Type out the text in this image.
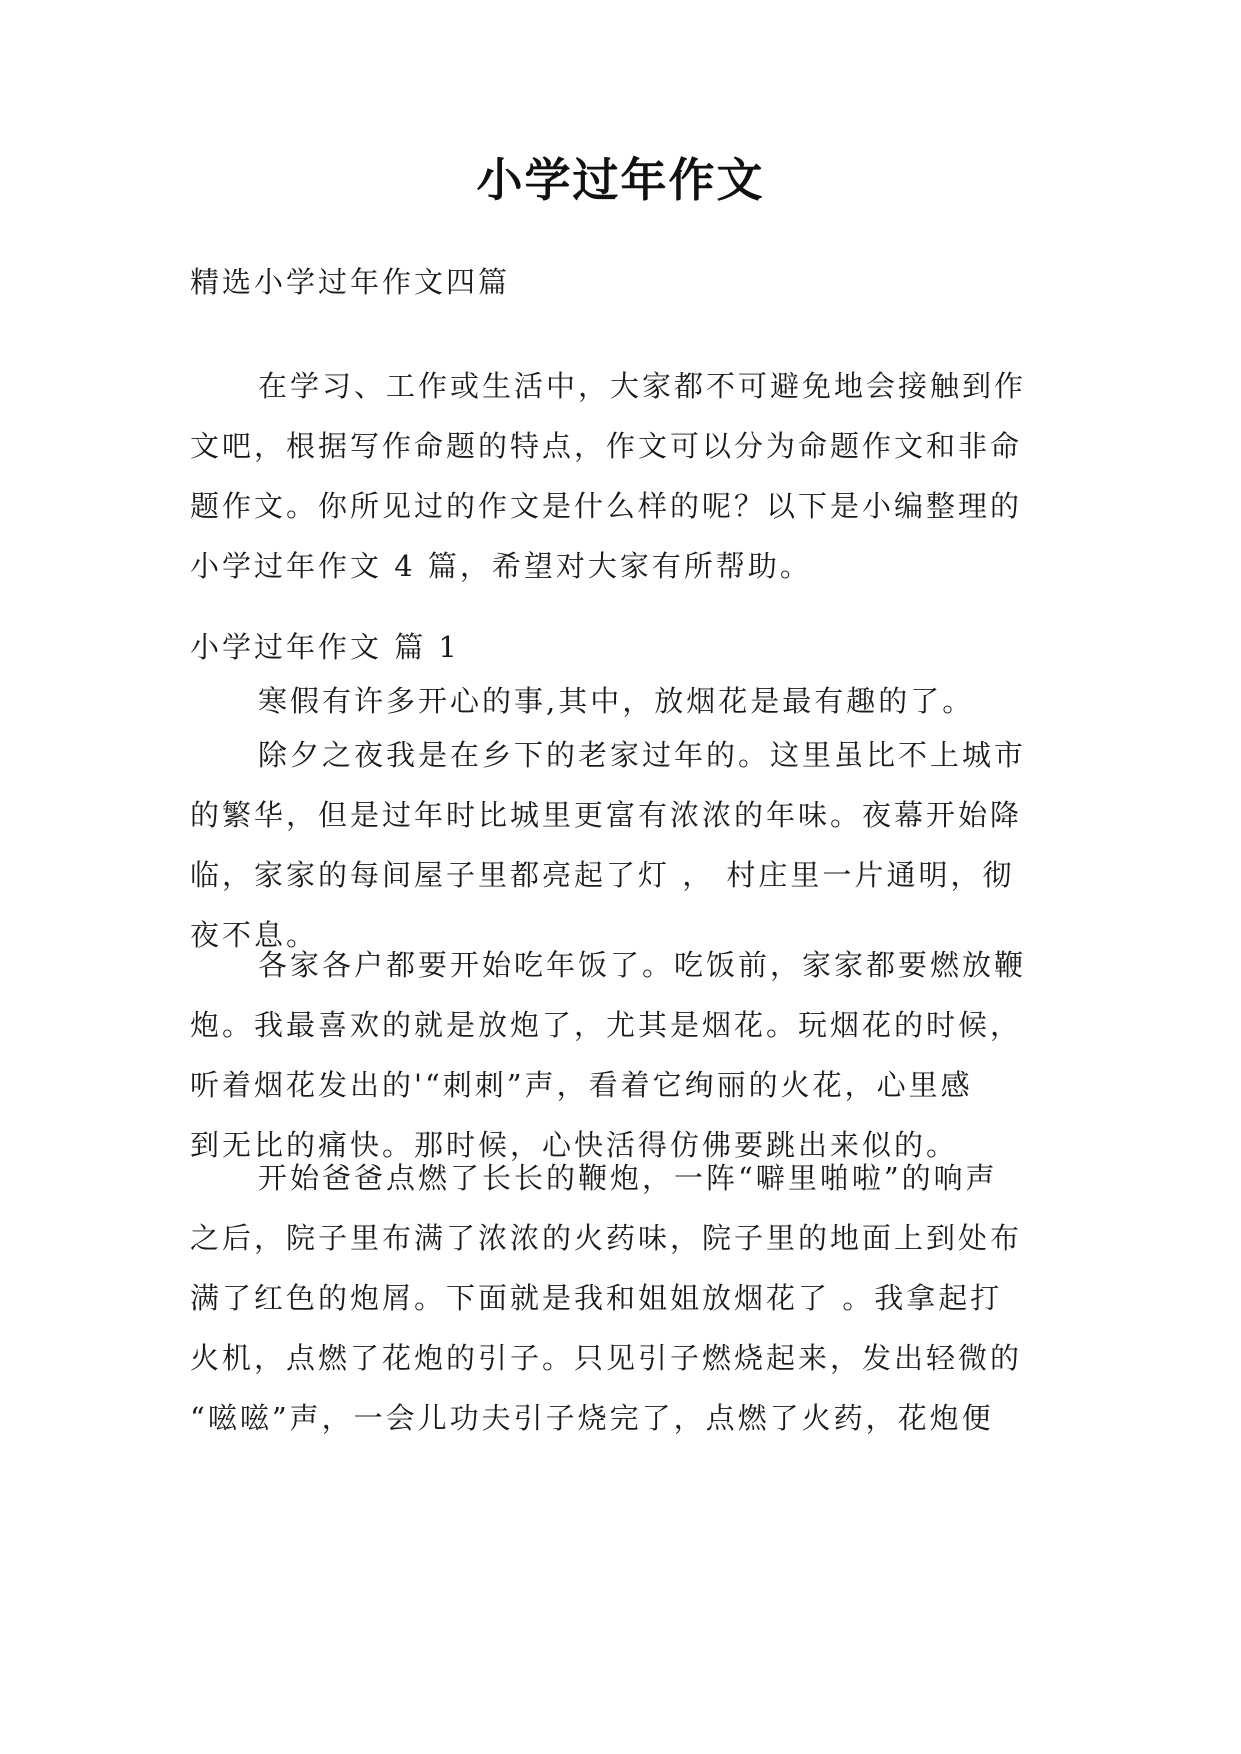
小学过年作文
精选小学过年作文四篇
在学习、工作或生活中，大家都不可避免地会接触到作
文吧，根据写作命题的特点，作文可以分为命题作文和非命
题作文。你所见过的作文是什么样的呢？以下是小编整理的
小学过年作文 4 篇，希望对大家有所帮助。
小学过年作文 篇 1
寒假有许多开心的事,其中，放烟花是最有趣的了。
除夕之夜我是在乡下的老家过年的。这里虽比不上城市
的繁华，但是过年时比城里更富有浓浓的年味。夜幕开始降
临，家家的每间屋子里都亮起了灯 ， 村庄里一片通明，彻
夜不息。
各家各户都要开始吃年饭了。吃饭前，家家都要燃放鞭
炮。我最喜欢的就是放炮了，尤其是烟花。玩烟花的时候，
听着烟花发出的'“刺刺”声，看着它绚丽的火花，心里感
到无比的痛快。那时候，心快活得仿佛要跳出来似的。
开始爸爸点燃了长长的鞭炮，一阵“噼里啪啦”的响声
之后，院子里布满了浓浓的火药味，院子里的地面上到处布
满了红色的炮屑。下面就是我和姐姐放烟花了 。我拿起打
火机，点燃了花炮的引子。只见引子燃烧起来，发出轻微的
“嗞嗞”声，一会儿功夫引子烧完了，点燃了火药，花炮便
